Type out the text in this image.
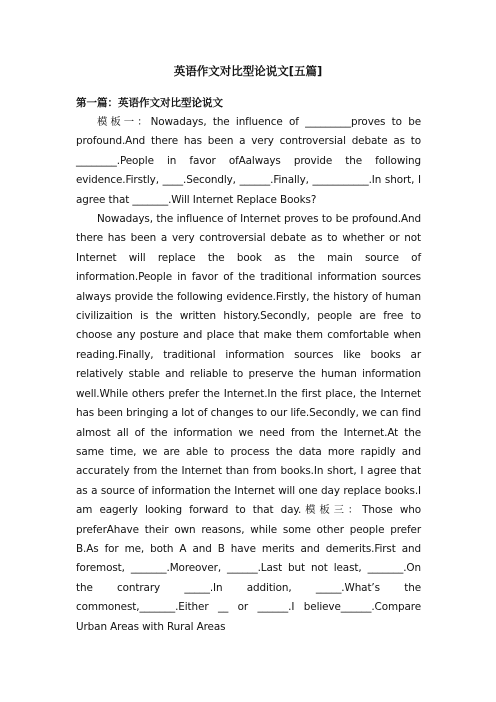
英语作文对比型论说文[五篇]
第一篇：英语作文对比型论说文

模板一：Nowadays, the influence of _________proves to be profound.And there has been a very controversial debate as to ________.People in favor ofAalways provide the following evidence.Firstly, ____.Secondly, ______.Finally, ___________.In short, I agree that _______.Will Internet Replace Books?

Nowadays, the influence of Internet proves to be profound.And there has been a very controversial debate as to whether or not Internet will replace the book as the main source of information.People in favor of the traditional information sources always provide the following evidence.Firstly, the history of human civilizaition is the written history.Secondly, people are free to choose any posture and place that make them comfortable when reading.Finally, traditional information sources like books ar relatively stable and reliable to preserve the human information well.While others prefer the Internet.In the first place, the Internet has been bringing a lot of changes to our life.Secondly, we can find almost all of the information we need from the Internet.At the same time, we are able to process the data more rapidly and accurately from the Internet than from books.In short, I agree that as a source of information the Internet will one day replace books.I am eagerly looking forward to that day.模板三：Those who preferAhave their own reasons, while some other people prefer B.As for me, both A and B have merits and demerits.First and foremost, _______.Moreover, ______.Last but not least, _______.On the contrary _____.In addition, _____.What’s the commonest,_______.Either __ or ______.I believe______.Compare Urban Areas with Rural Areas
